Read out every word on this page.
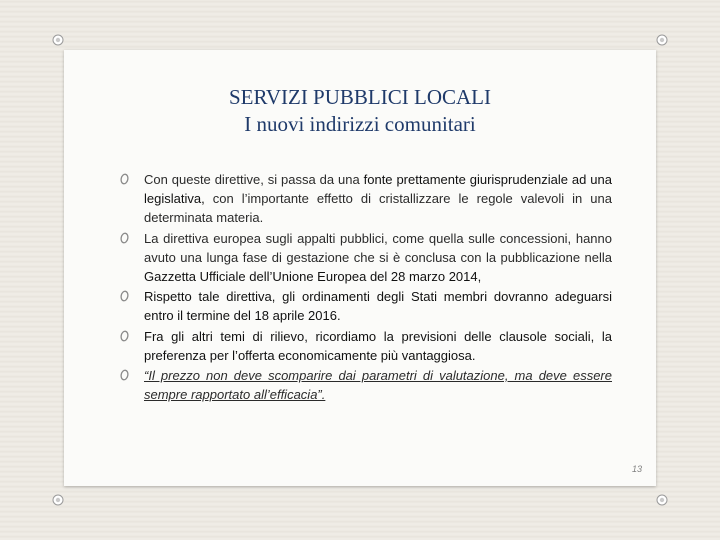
SERVIZI PUBBLICI LOCALI
I nuovi indirizzi comunitari
Con queste direttive, si passa da una fonte prettamente giurisprudenziale ad una legislativa, con l’importante effetto di cristallizzare le regole valevoli in una determinata materia.
La direttiva europea sugli appalti pubblici, come quella sulle concessioni, hanno avuto una lunga fase di gestazione che si è conclusa con la pubblicazione nella Gazzetta Ufficiale dell’Unione Europea del 28 marzo 2014,
Rispetto tale direttiva, gli ordinamenti degli Stati membri dovranno adeguarsi entro il termine del 18 aprile 2016.
Fra gli altri temi di rilievo, ricordiamo la previsioni delle clausole sociali, la preferenza per l’offerta economicamente più vantaggiosa.
“Il prezzo non deve scomparire dai parametri di valutazione, ma deve essere sempre rapportato all’efficacia”.
13
